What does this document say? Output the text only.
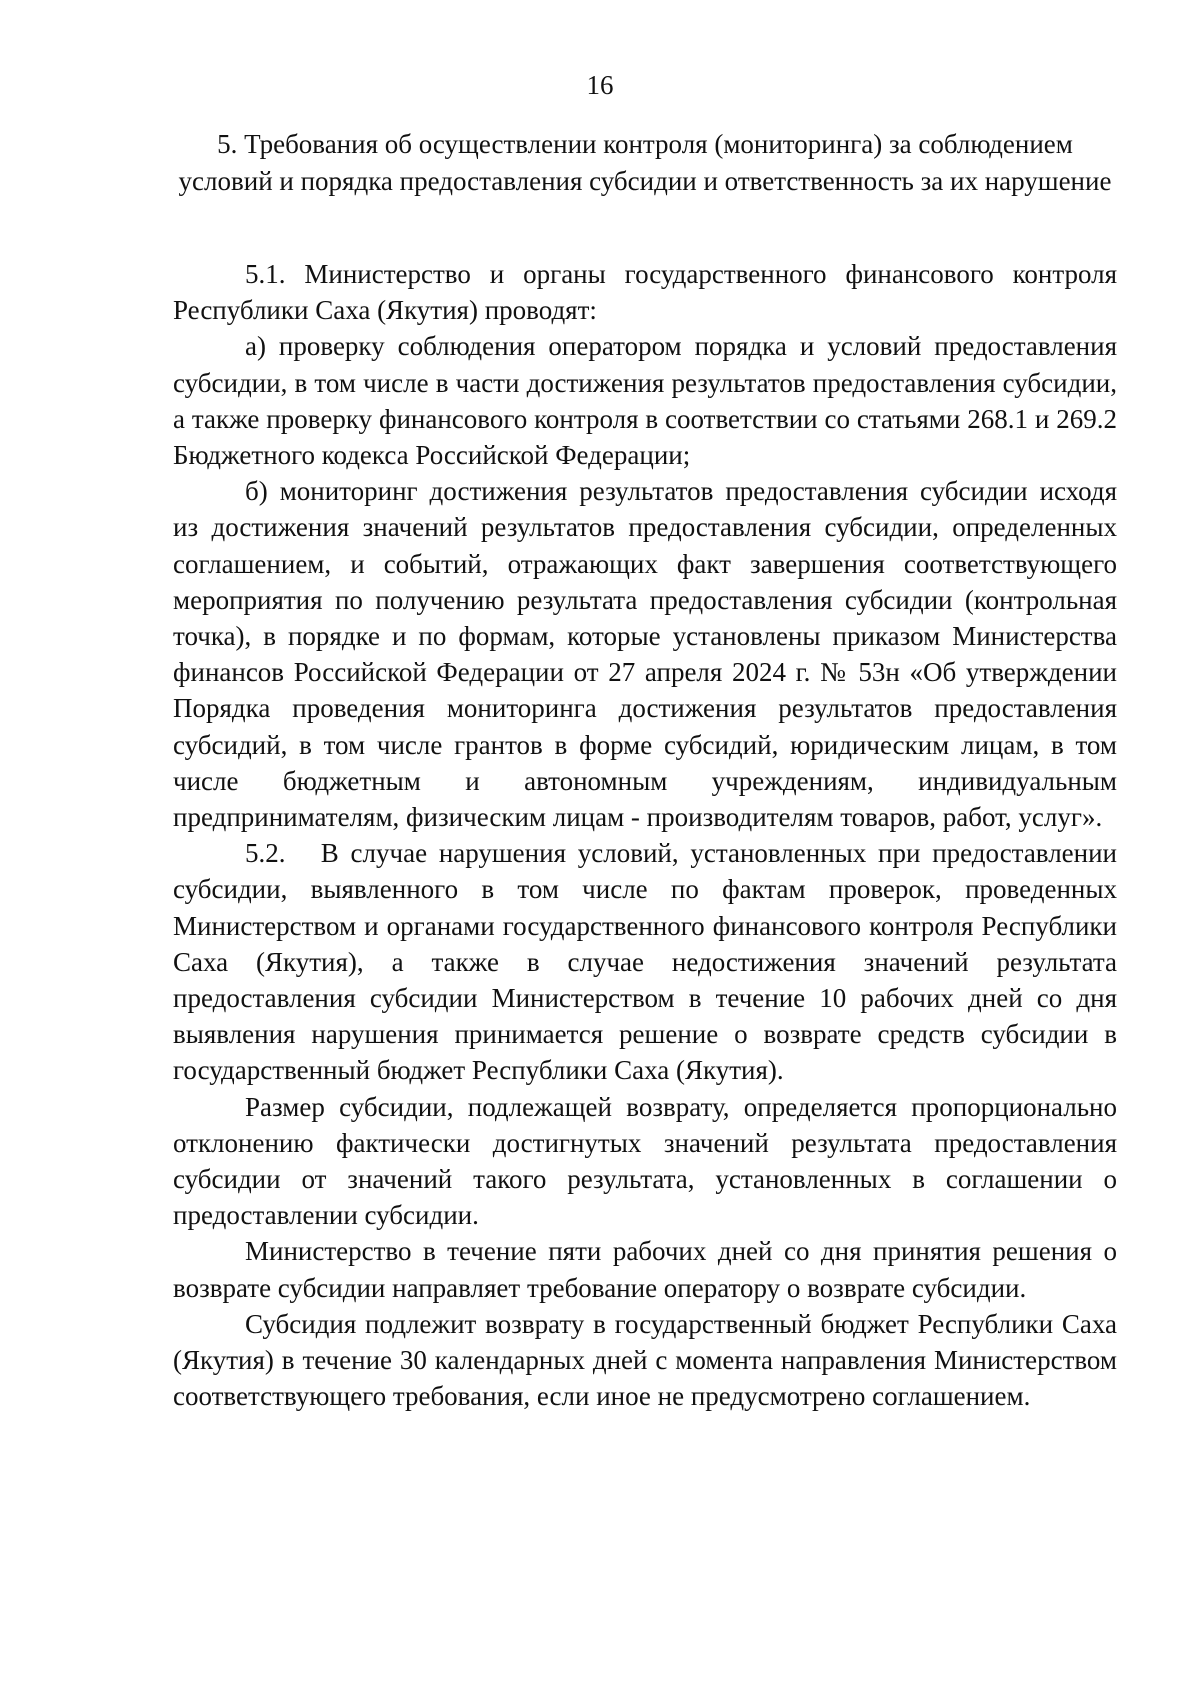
16
5. Требования об осуществлении контроля (мониторинга) за соблюдением условий и порядка предоставления субсидии и ответственность за их нарушение

5.1. Министерство и органы государственного финансового контроля Республики Саха (Якутия) проводят:

а) проверку соблюдения оператором порядка и условий предоставления субсидии, в том числе в части достижения результатов предоставления субсидии, а также проверку финансового контроля в соответствии со статьями 268.1 и 269.2 Бюджетного кодекса Российской Федерации;

б) мониторинг достижения результатов предоставления субсидии исходя из достижения значений результатов предоставления субсидии, определенных соглашением, и событий, отражающих факт завершения соответствующего мероприятия по получению результата предоставления субсидии (контрольная точка), в порядке и по формам, которые установлены приказом Министерства финансов Российской Федерации от 27 апреля 2024 г. № 53н «Об утверждении Порядка проведения мониторинга достижения результатов предоставления субсидий, в том числе грантов в форме субсидий, юридическим лицам, в том числе бюджетным и автономным учреждениям, индивидуальным предпринимателям, физическим лицам - производителям товаров, работ, услуг».

5.2.   В случае нарушения условий, установленных при предоставлении субсидии, выявленного в том числе по фактам проверок, проведенных Министерством и органами государственного финансового контроля Республики Саха (Якутия), а также в случае недостижения значений результата предоставления субсидии Министерством в течение 10 рабочих дней со дня выявления нарушения принимается решение о возврате средств субсидии в государственный бюджет Республики Саха (Якутия).

Размер субсидии, подлежащей возврату, определяется пропорционально отклонению фактически достигнутых значений результата предоставления субсидии от значений такого результата, установленных в соглашении о предоставлении субсидии.

Министерство в течение пяти рабочих дней со дня принятия решения о возврате субсидии направляет требование оператору о возврате субсидии.

Субсидия подлежит возврату в государственный бюджет Республики Саха (Якутия) в течение 30 календарных дней с момента направления Министерством соответствующего требования, если иное не предусмотрено соглашением.
